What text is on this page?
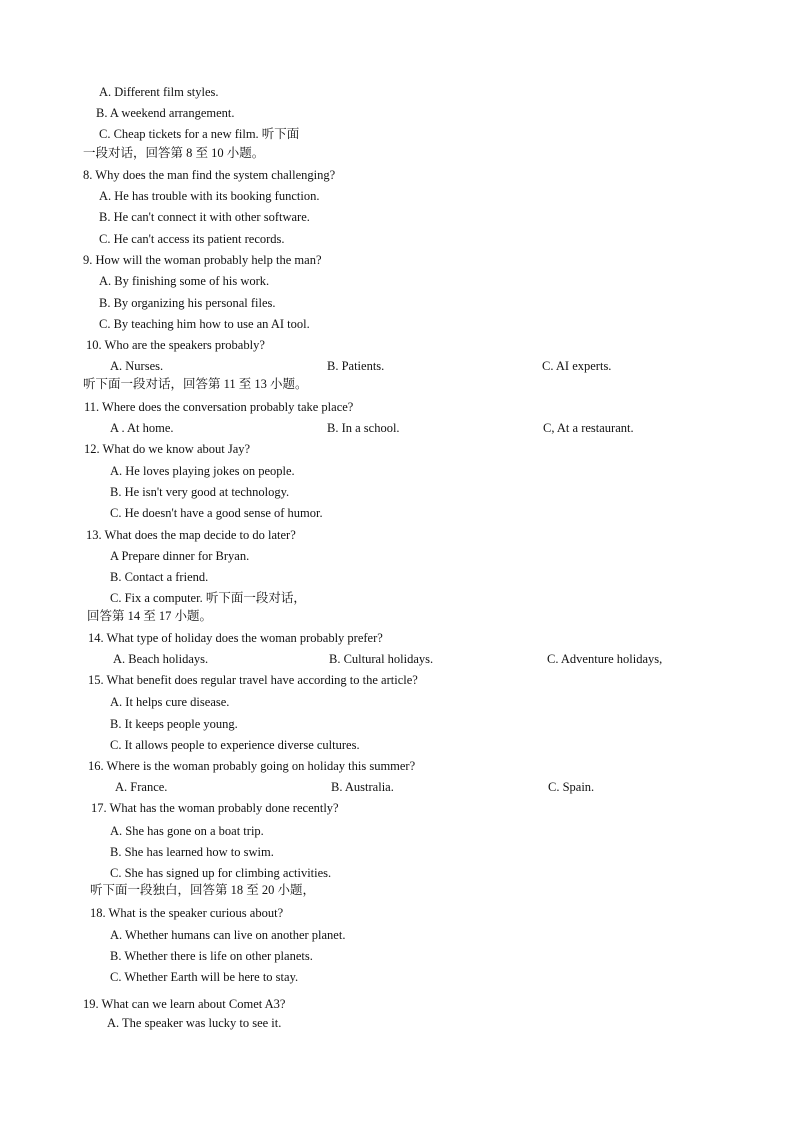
A. Different film styles.
B. A weekend arrangement.
C. Cheap tickets for a new film. 听下面
一段对话，回答第 8 至 10 小题。
8. Why does the man find the system challenging?
A. He has trouble with its booking function.
B. He can't connect it with other software.
C. He can't access its patient records.
9. How will the woman probably help the man?
A. By finishing some of his work.
B. By organizing his personal files.
C. By teaching him how to use an AI tool.
10. Who are the speakers probably?
A. Nurses.	B. Patients.	C. AI experts.
听下面一段对话，回答第 11 至 13 小题。
11. Where does the conversation probably take place?
A . At home.	B. In a school.	C, At a restaurant.
12. What do we know about Jay?
A. He loves playing jokes on people.
B. He isn't very good at technology.
C. He doesn't have a good sense of humor.
13. What does the map decide to do later?
A Prepare dinner for Bryan.
B. Contact a friend.
C. Fix a computer. 听下面一段对话，
回答第 14 至 17 小题。
14. What type of holiday does the woman probably prefer?
A. Beach holidays.	B. Cultural holidays.	C. Adventure holidays,
15. What benefit does regular travel have according to the article?
A. It helps cure disease.
B. It keeps people young.
C. It allows people to experience diverse cultures.
16. Where is the woman probably going on holiday this summer?
A. France.	B. Australia.	C. Spain.
17. What has the woman probably done recently?
A. She has gone on a boat trip.
B. She has learned how to swim.
C. She has signed up for climbing activities.
听下面一段独白，回答第 18 至 20 小题，
18. What is the speaker curious about?
A. Whether humans can live on another planet.
B. Whether there is life on other planets.
C. Whether Earth will be here to stay.
19. What can we learn about Comet A3?
A. The speaker was lucky to see it.
